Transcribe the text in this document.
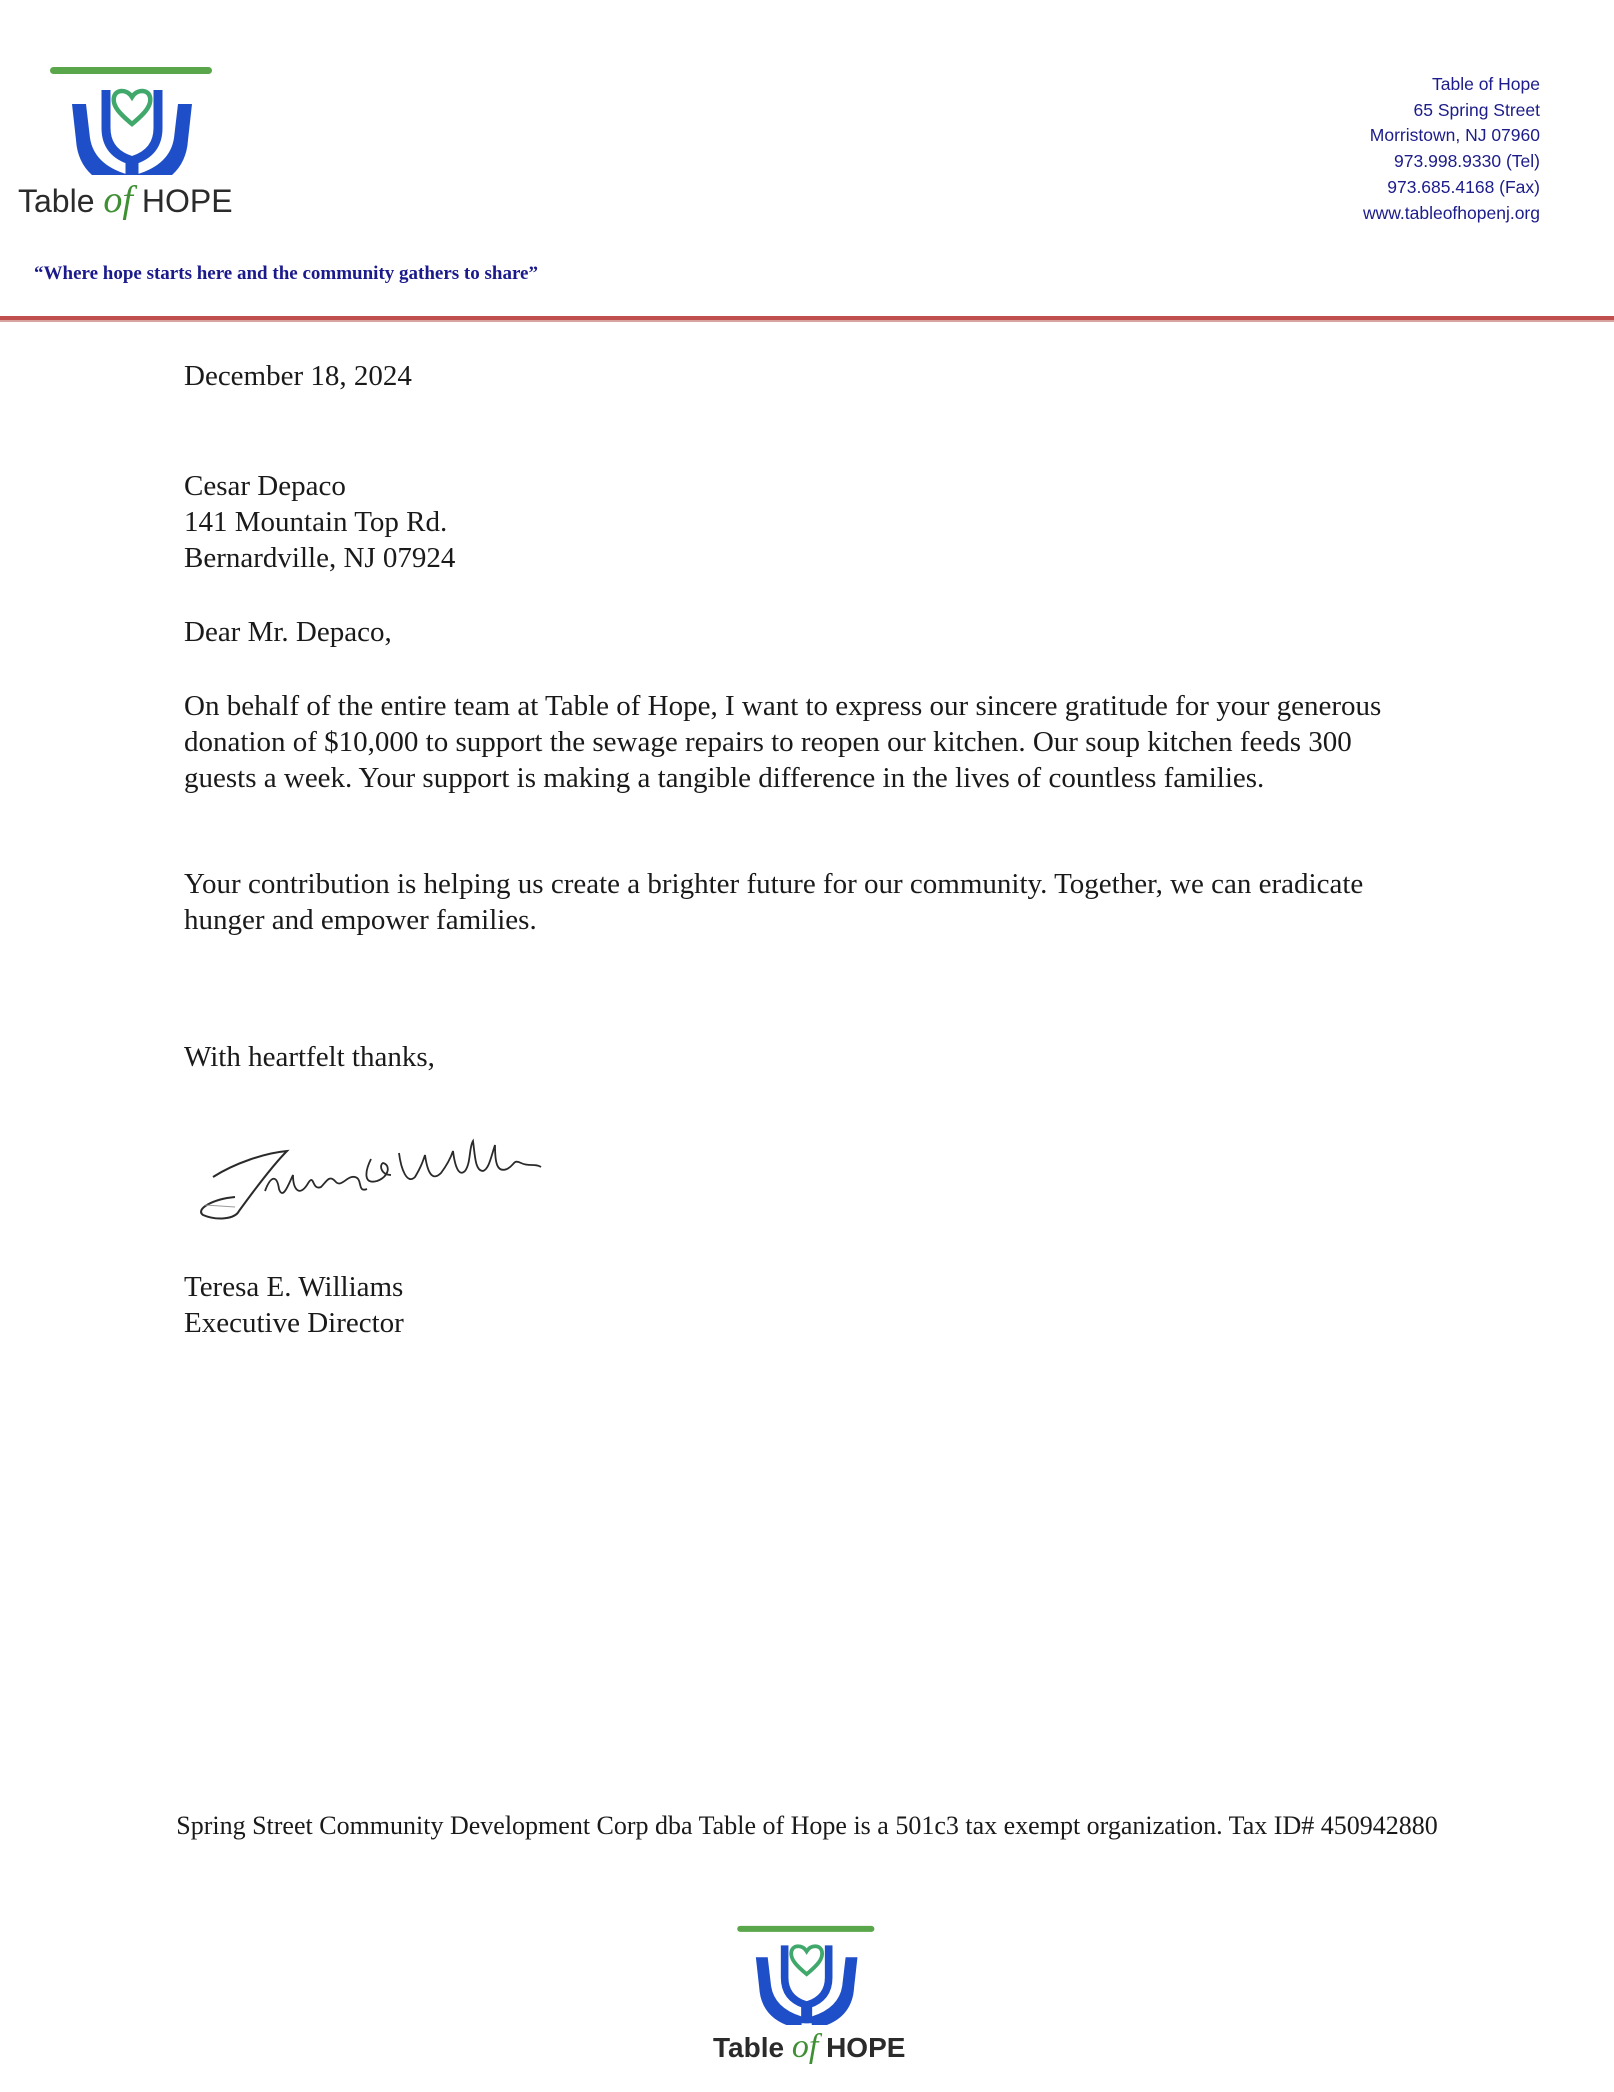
Table of HOPE
Table of Hope
65 Spring Street
Morristown, NJ 07960
973.998.9330 (Tel)
973.685.4168 (Fax)
www.tableofhopenj.org
“Where hope starts here and the community gathers to share”
December 18, 2024
Cesar Depaco
141 Mountain Top Rd.
Bernardville, NJ 07924
Dear Mr. Depaco,
On behalf of the entire team at Table of Hope, I want to express our sincere gratitude for your generous donation of $10,000 to support the sewage repairs to reopen our kitchen. Our soup kitchen feeds 300 guests a week. Your support is making a tangible difference in the lives of countless families.
Your contribution is helping us create a brighter future for our community. Together, we can eradicate hunger and empower families.
With heartfelt thanks,
Teresa E. Williams
Executive Director
Spring Street Community Development Corp dba Table of Hope is a 501c3 tax exempt organization. Tax ID# 450942880
Table of HOPE
